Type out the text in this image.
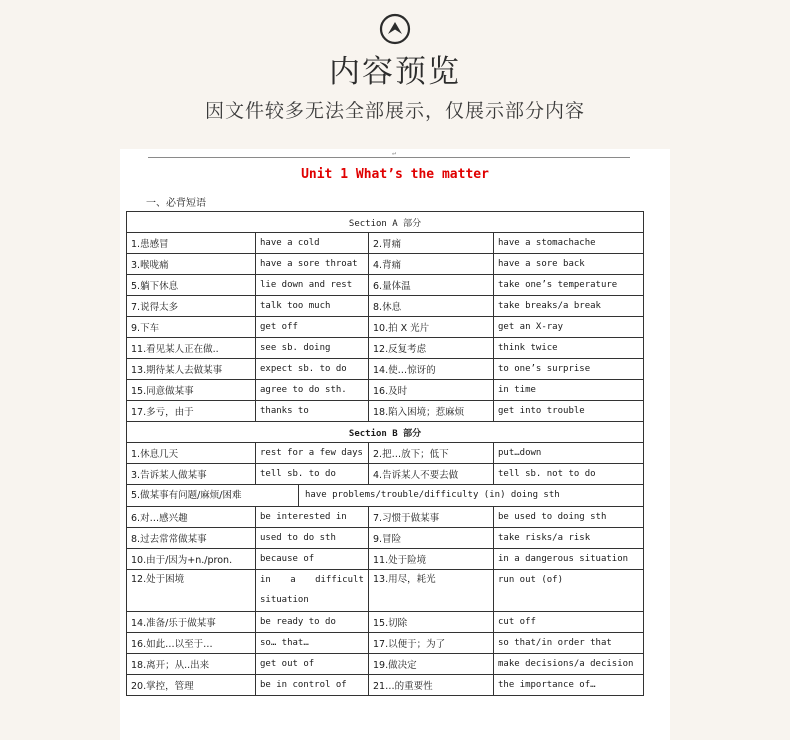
内容预览
因文件较多无法全部展示，仅展示部分内容
↵
Unit 1 What’s the matter
一、必背短语
Section A 部分			
1.患感冒	have a cold	2.胃痛	have a stomachache
3.喉咙痛	have a sore throat	4.背痛	have a sore back
5.躺下休息	lie down and rest	6.量体温	take one’s temperature
7.说得太多	talk too much	8.休息	take breaks/a break
9.下车	get off	10.拍 X 光片	get an X-ray
11.看见某人正在做..	see sb. doing	12.反复考虑	think twice
13.期待某人去做某事	expect sb. to do	14.使…惊讶的	to one’s surprise
15.同意做某事	agree to do sth.	16.及时	in time
17.多亏，由于	thanks to	18.陷入困境；惹麻烦	get into trouble
Section B 部分			
1.休息几天	rest for a few days	2.把…放下；低下	put…down
3.告诉某人做某事	tell sb. to do	4.告诉某人不要去做	tell sb. not to do

5.做某事有问题/麻烦/困难 have problems/trouble/difficulty (in) doing sth			

6.对…感兴趣	be interested in	7.习惯于做某事	be used to doing sth
8.过去常常做某事	used to do sth	9.冒险	take risks/a risk
10.由于/因为+n./pron.	because of	11.处于险境	in a dangerous situation
12.处于困境	in a difficult situation	13.用尽，耗光	run out (of)
14.准备/乐于做某事	be ready to do	15.切除	cut off
16.如此…以至于…	so… that…	17.以便于；为了	so that/in order that
18.离开；从..出来	get out of	19.做决定	make decisions/a decision
20.掌控，管理	be in control of	21…的重要性	the importance of…
